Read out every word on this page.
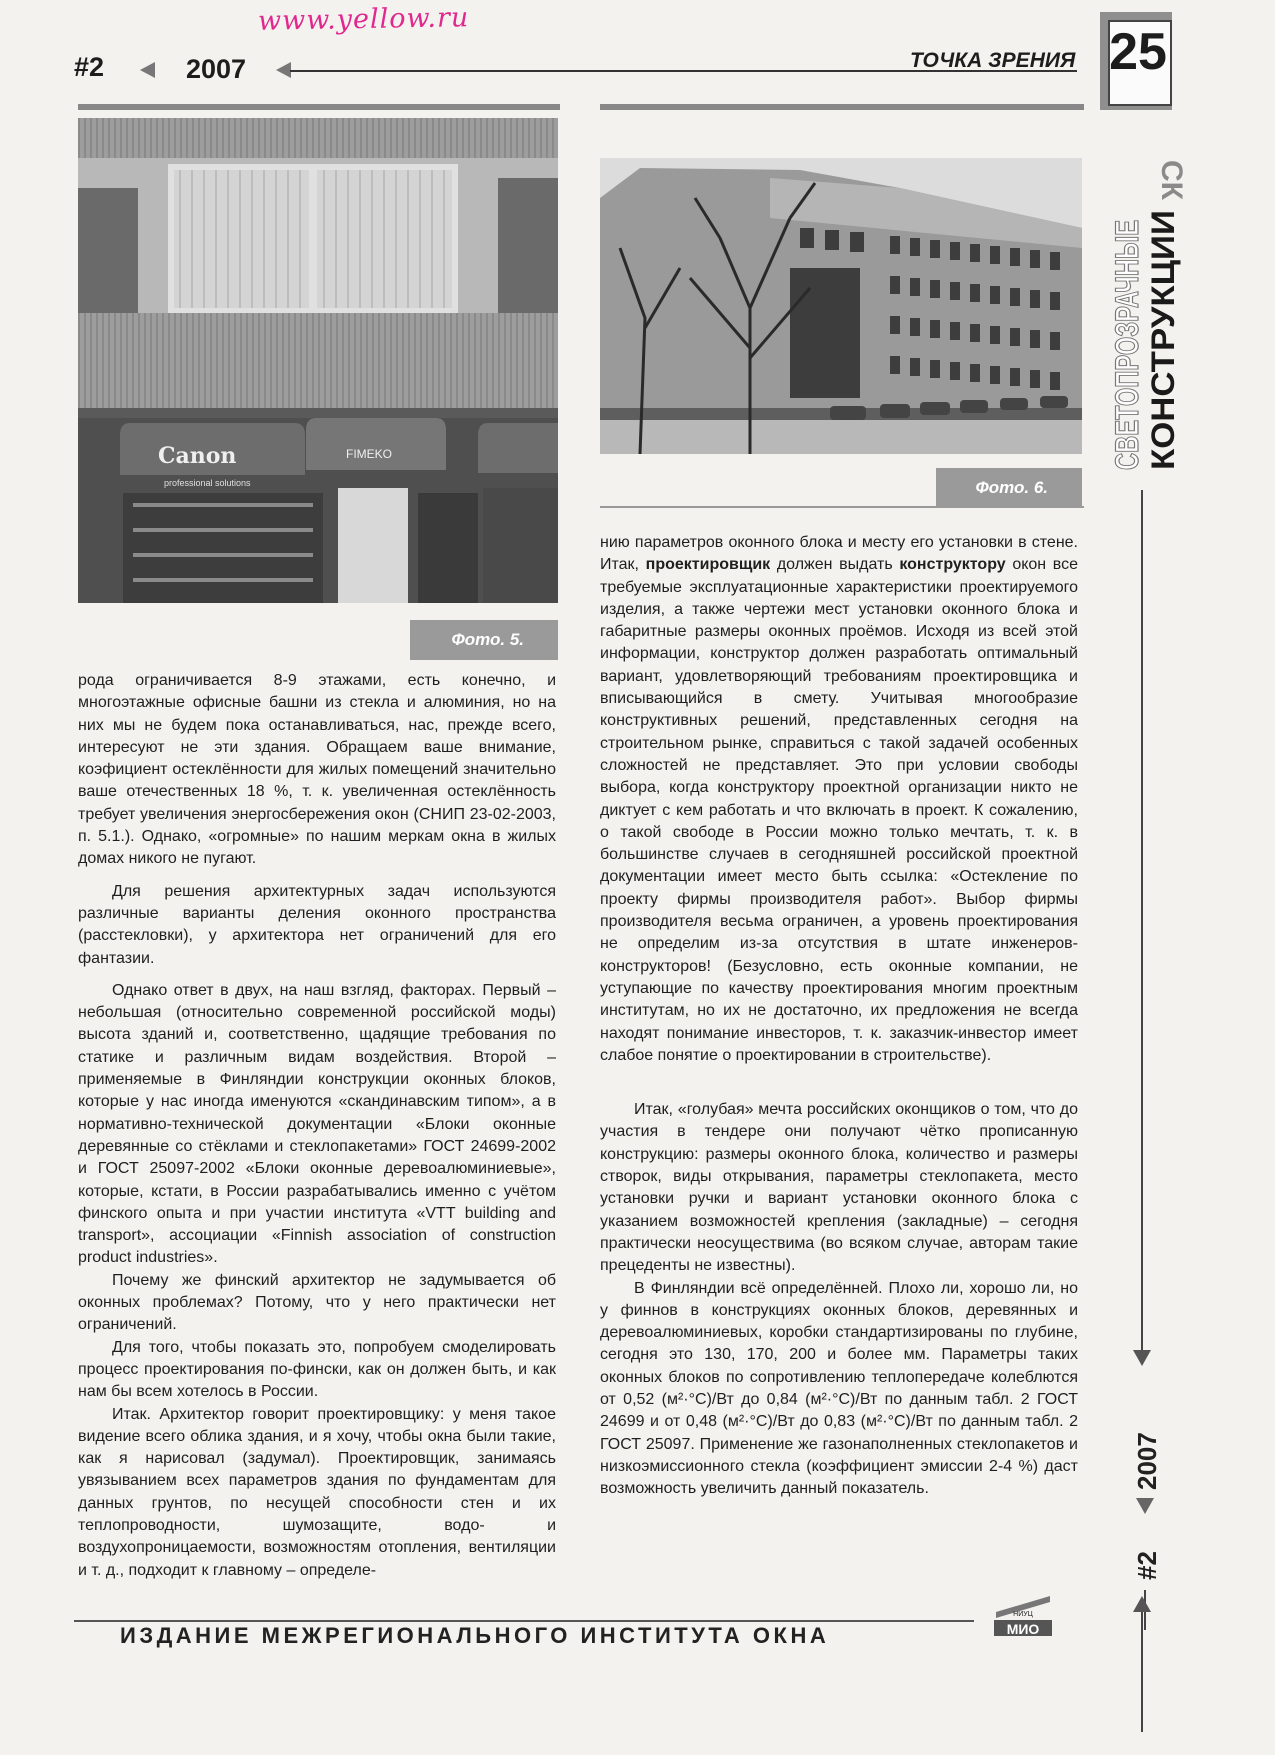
www.yellow.ru
#2	2007	ТОЧКА ЗРЕНИЯ 25
Canon
professional solutions
FIMEKO
Фото. 5.
Фото. 6.

рода ограничивается 8-9 этажами, есть конечно, и многоэтажные офисные башни из стекла и алюминия, но на них мы не будем пока останавливаться, нас, прежде всего, интересуют не эти здания. Обращаем ваше внимание, коэфициент остеклённости для жилых помещений значительно ваше отечественных 18 %, т. к. увеличенная остеклённость требует увеличения энергосбережения окон (СНИП 23-02-2003, п. 5.1.). Однако, «огромные» по нашим меркам окна в жилых домах никого не пугают.

Для решения архитектурных задач используются различные варианты деления оконного пространства (расстекловки), у архитектора нет ограничений для его фантазии.

Однако ответ в двух, на наш взгляд, факторах. Первый – небольшая (относительно современной российской моды) высота зданий и, соответственно, щадящие требования по статике и различным видам воздействия. Второй – применяемые в Финляндии конструкции оконных блоков, которые у нас иногда именуются «скандинавским типом», а в нормативно-технической документации «Блоки оконные деревянные со стёклами и стеклопакетами» ГОСТ 24699-2002 и ГОСТ 25097-2002 «Блоки оконные деревоалюминиевые», которые, кстати, в России разрабатывались именно с учётом финского опыта и при участии института «VTT building and transport», ассоциации «Finnish association of construction product industries».

Почему же финский архитектор не задумывается об оконных проблемах? Потому, что у него практически нет ограничений.

Для того, чтобы показать это, попробуем смоделировать процесс проектирования по-фински, как он должен быть, и как нам бы всем хотелось в России.

Итак. Архитектор говорит проектировщику: у меня такое видение всего облика здания, и я хочу, чтобы окна были такие, как я нарисовал (задумал). Проектировщик, занимаясь увязыванием всех параметров здания по фундаментам для данных грунтов, по несущей способности стен и их теплопроводности, шумозащите, водо- и воздухопроницаемости, возможностям отопления, вентиляции и т. д., подходит к главному – определе-

нию параметров оконного блока и месту его установки в стене. Итак, проектировщик должен выдать конструктору окон все требуемые эксплуатационные характеристики проектируемого изделия, а также чертежи мест установки оконного блока и габаритные размеры оконных проёмов. Исходя из всей этой информации, конструктор должен разработать оптимальный вариант, удовлетворяющий требованиям проектировщика и вписывающийся в смету. Учитывая многообразие конструктивных решений, представленных сегодня на строительном рынке, справиться с такой задачей особенных сложностей не представляет. Это при условии свободы выбора, когда конструктору проектной организации никто не диктует с кем работать и что включать в проект. К сожалению, о такой свободе в России можно только мечтать, т. к. в большинстве случаев в сегодняшней российской проектной документации имеет место быть ссылка: «Остекление по проекту фирмы производителя работ». Выбор фирмы производителя весьма ограничен, а уровень проектирования не определим из-за отсутствия в штате инженеров-конструкторов! (Безусловно, есть оконные компании, не уступающие по качеству проектирования многим проектным институтам, но их не достаточно, их предложения не всегда находят понимание инвесторов, т. к. заказчик-инвестор имеет слабое понятие о проектировании в строительстве).

Итак, «голубая» мечта российских оконщиков о том, что до участия в тендере они получают чётко прописанную конструкцию: размеры оконного блока, количество и размеры створок, виды открывания, параметры стеклопакета, место установки ручки и вариант установки оконного блока с указанием возможностей крепления (закладные) – сегодня практически неосуществима (во всяком случае, авторам такие прецеденты не известны).

В Финляндии всё определённей. Плохо ли, хорошо ли, но у финнов в конструкциях оконных блоков, деревянных и деревоалюминиевых, коробки стандартизированы по глубине, сегодня это 130, 170, 200 и более мм. Параметры таких оконных блоков по сопротивлению теплопередаче колеблются от 0,52 (м²·°С)/Вт до 0,84 (м²·°С)/Вт по данным табл. 2 ГОСТ 24699 и от 0,48 (м²·°С)/Вт до 0,83 (м²·°С)/Вт по данным табл. 2 ГОСТ 25097. Применение же газонаполненных стеклопакетов и низкоэмиссионного стекла (коэффициент эмиссии 2-4 %) даст возможность увеличить данный показатель.

СК
СВЕТОПРОЗРАЧНЫЕ КОНСТРУКЦИИ
2007
#2
ИЗДАНИЕ МЕЖРЕГИОНАЛЬНОГО ИНСТИТУТА ОКНА
НИУЦ
МИО
